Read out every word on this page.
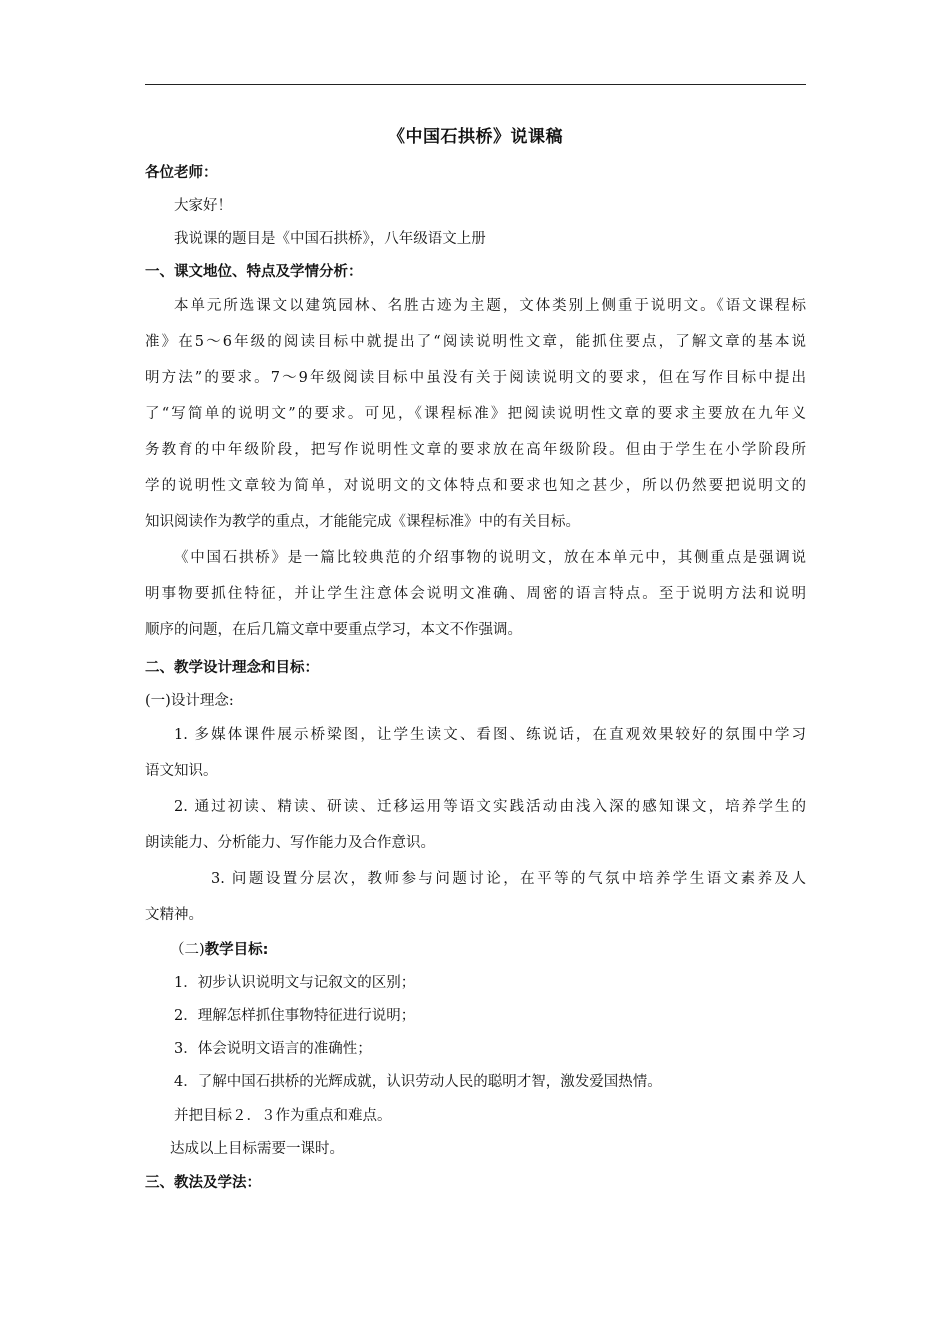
《中国石拱桥》说课稿
各位老师：
大家好！
我说课的题目是《中国石拱桥》，八年级语文上册
一、课文地位、特点及学情分析：
本单元所选课文以建筑园林、名胜古迹为主题，文体类别上侧重于说明文。《语文课程标
准》在5～6年级的阅读目标中就提出了“阅读说明性文章，能抓住要点，了解文章的基本说
明方法”的要求。7～9年级阅读目标中虽没有关于阅读说明文的要求，但在写作目标中提出
了“写简单的说明文”的要求。可见，《课程标准》把阅读说明性文章的要求主要放在九年义
务教育的中年级阶段，把写作说明性文章的要求放在高年级阶段。但由于学生在小学阶段所
学的说明性文章较为简单，对说明文的文体特点和要求也知之甚少，所以仍然要把说明文的
知识阅读作为教学的重点，才能能完成《课程标准》中的有关目标。
《中国石拱桥》是一篇比较典范的介绍事物的说明文，放在本单元中，其侧重点是强调说
明事物要抓住特征，并让学生注意体会说明文准确、周密的语言特点。至于说明方法和说明
顺序的问题，在后几篇文章中要重点学习，本文不作强调。
二、教学设计理念和目标：
(一)设计理念:
1. 多媒体课件展示桥梁图，让学生读文、看图、练说话，在直观效果较好的氛围中学习
语文知识。
2. 通过初读、精读、研读、迁移运用等语文实践活动由浅入深的感知课文，培养学生的
朗读能力、分析能力、写作能力及合作意识。
3. 问题设置分层次，教师参与问题讨论，在平等的气氛中培养学生语文素养及人
文精神。
（二)教学目标:
1．初步认识说明文与记叙文的区别；
2．理解怎样抓住事物特征进行说明；
3．体会说明文语言的准确性；
4．了解中国石拱桥的光辉成就，认识劳动人民的聪明才智，激发爱国热情。
并把目标２．３作为重点和难点。
达成以上目标需要一课时。
三、教法及学法：
